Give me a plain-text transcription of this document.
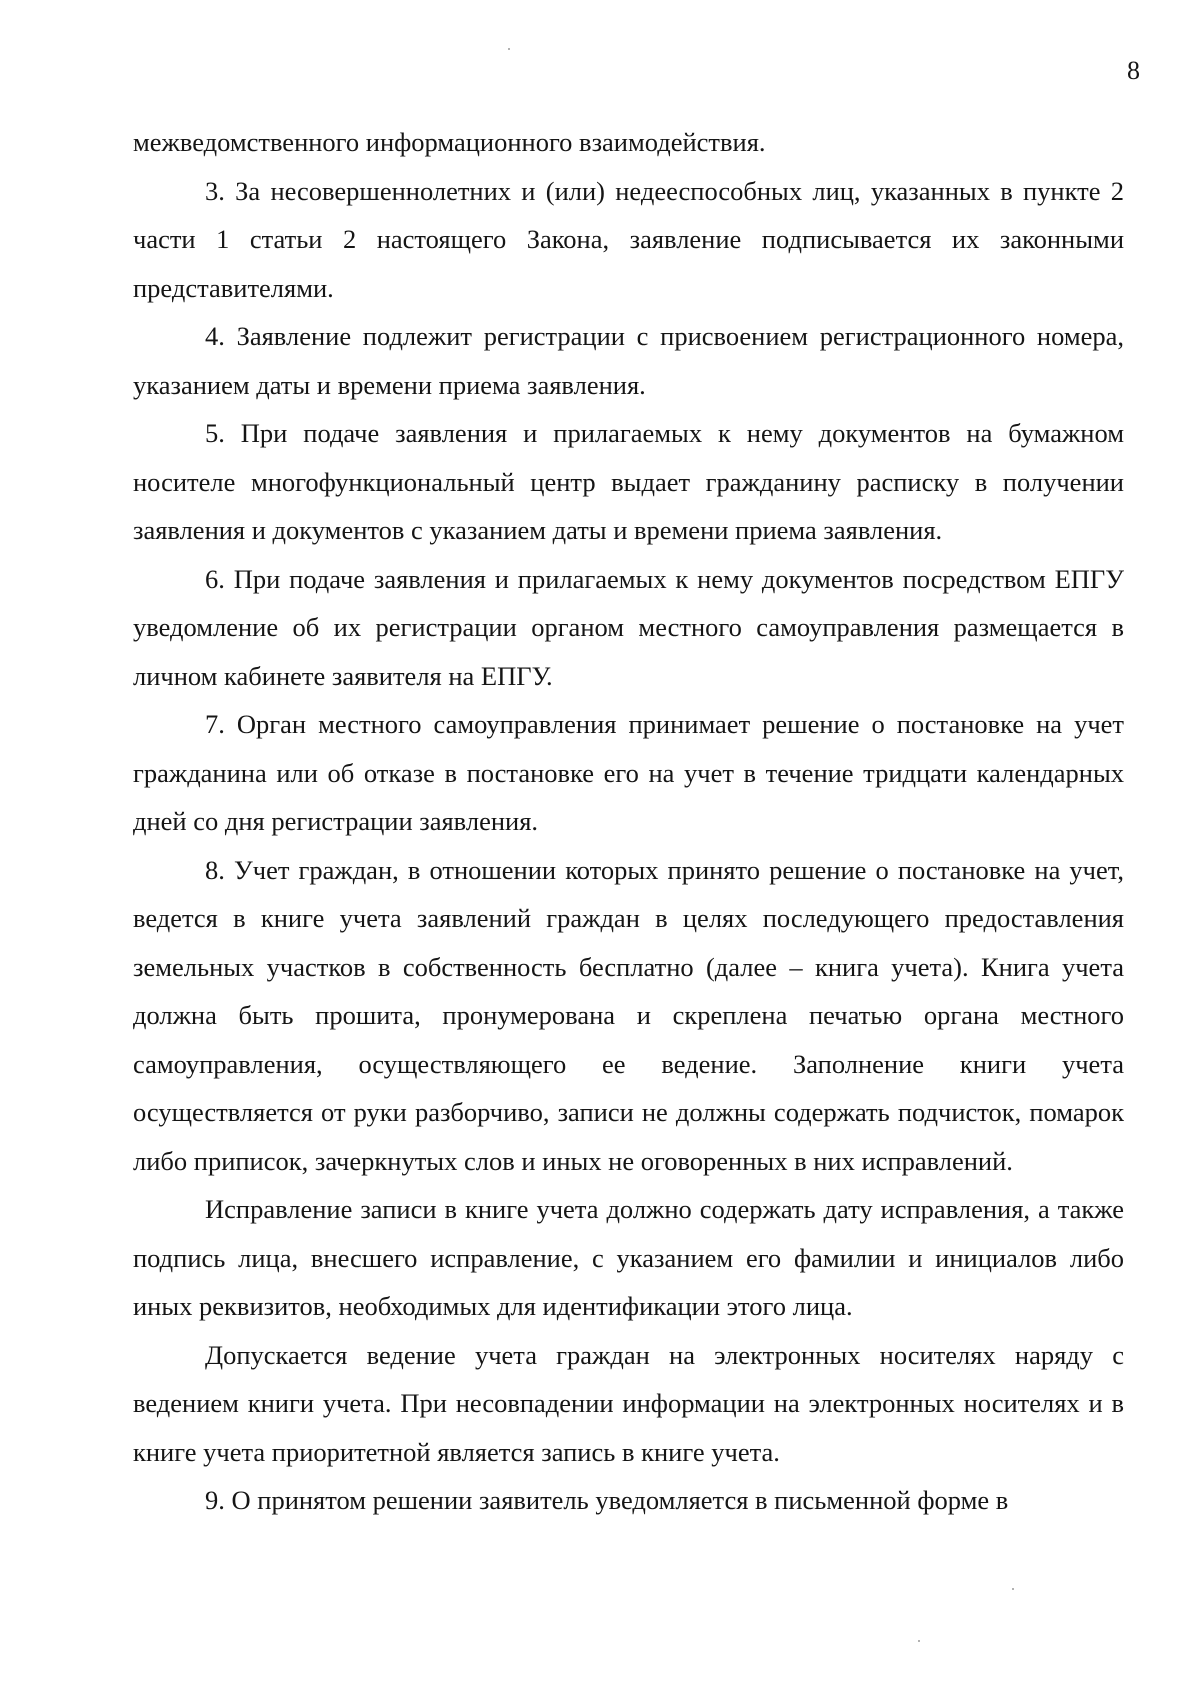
8

межведомственного информационного взаимодействия.

3. За несовершеннолетних и (или) недееспособных лиц, указанных в пункте 2 части 1 статьи 2 настоящего Закона, заявление подписывается их законными представителями.

4. Заявление подлежит регистрации с присвоением регистрационного номера, указанием даты и времени приема заявления.

5. При подаче заявления и прилагаемых к нему документов на бумажном носителе многофункциональный центр выдает гражданину расписку в получении заявления и документов с указанием даты и времени приема заявления.

6. При подаче заявления и прилагаемых к нему документов посредством ЕПГУ уведомление об их регистрации органом местного самоуправления размещается в личном кабинете заявителя на ЕПГУ.

7. Орган местного самоуправления принимает решение о постановке на учет гражданина или об отказе в постановке его на учет в течение тридцати календарных дней со дня регистрации заявления.

8. Учет граждан, в отношении которых принято решение о постановке на учет, ведется в книге учета заявлений граждан в целях последующего предоставления земельных участков в собственность бесплатно (далее – книга учета). Книга учета должна быть прошита, пронумерована и скреплена печатью органа местного самоуправления, осуществляющего ее ведение. Заполнение книги учета осуществляется от руки разборчиво, записи не должны содержать подчисток, помарок либо приписок, зачеркнутых слов и иных не оговоренных в них исправлений.

Исправление записи в книге учета должно содержать дату исправления, а также подпись лица, внесшего исправление, с указанием его фамилии и инициалов либо иных реквизитов, необходимых для идентификации этого лица.

Допускается ведение учета граждан на электронных носителях наряду с ведением книги учета. При несовпадении информации на электронных носителях и в книге учета приоритетной является запись в книге учета.

9. О принятом решении заявитель уведомляется в письменной форме в
